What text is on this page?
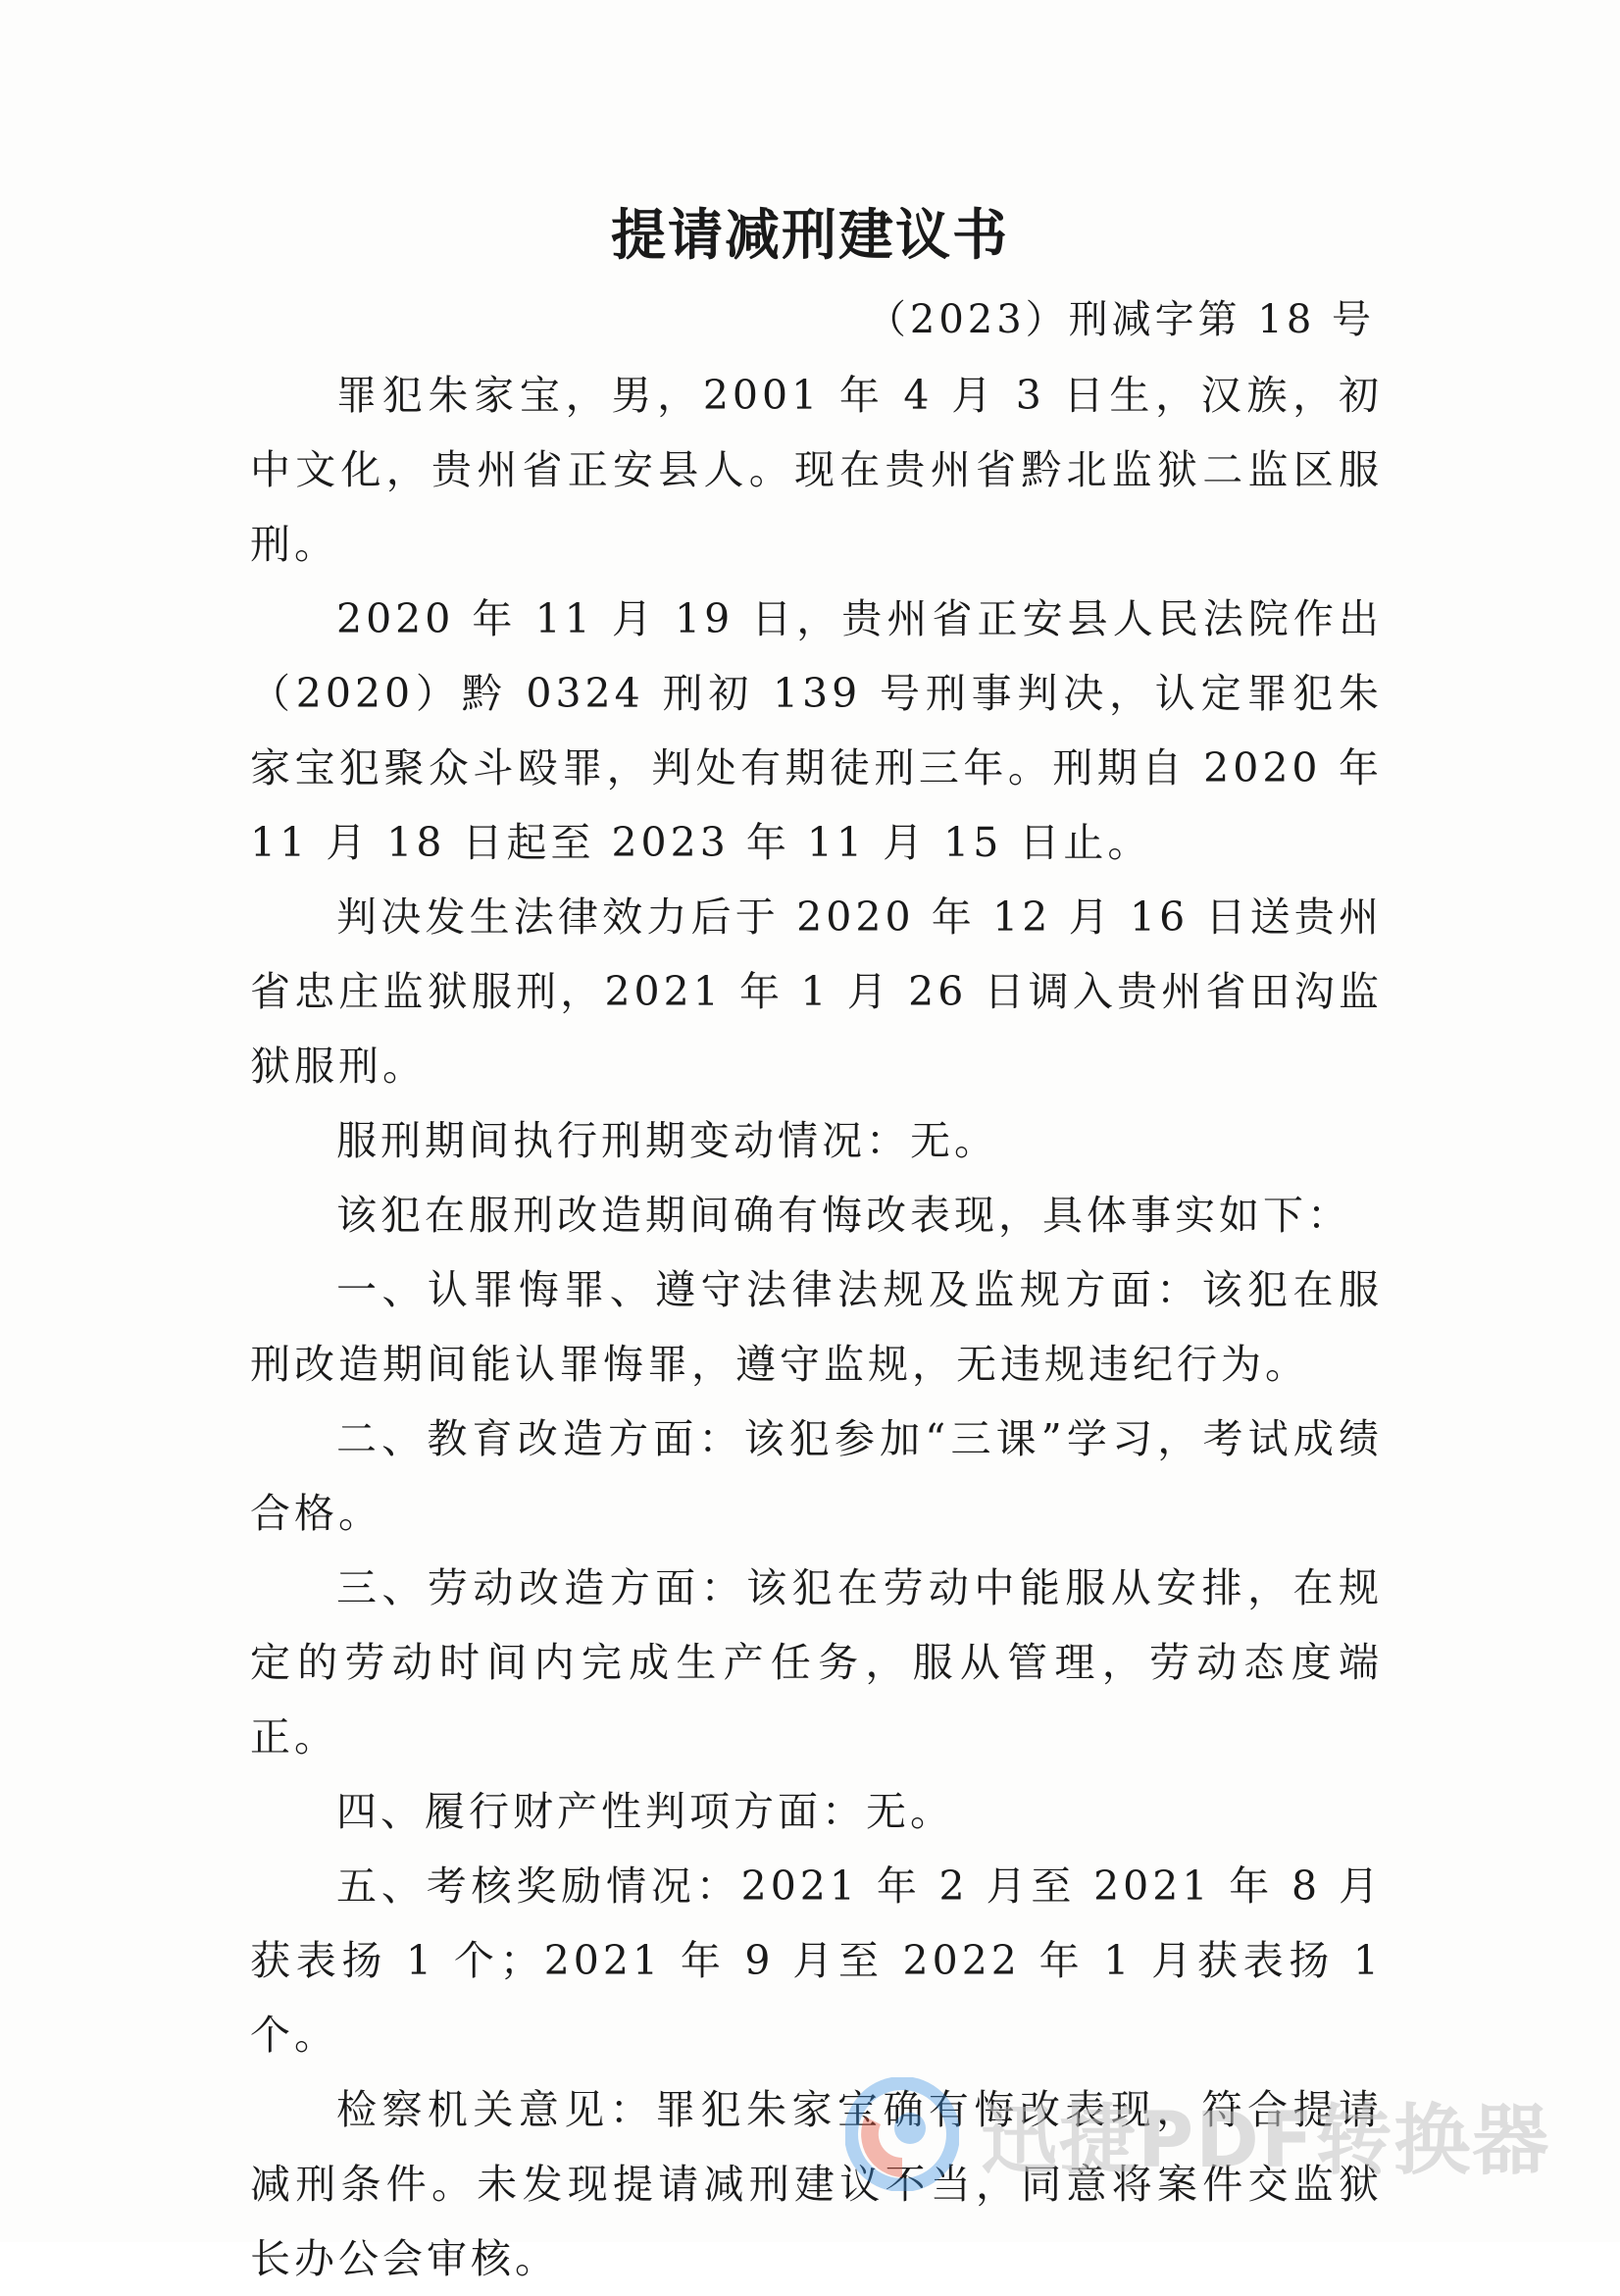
提请减刑建议书
（2023）刑减字第 18 号

罪犯朱家宝，男，2001 年 4 月 3 日生，汉族，初中文化，贵州省正安县人。现在贵州省黔北监狱二监区服刑。

2020 年 11 月 19 日，贵州省正安县人民法院作出（2020）黔 0324 刑初 139 号刑事判决，认定罪犯朱家宝犯聚众斗殴罪，判处有期徒刑三年。刑期自 2020 年 11 月 18 日起至 2023 年 11 月 15 日止。

判决发生法律效力后于 2020 年 12 月 16 日送贵州省忠庄监狱服刑，2021 年 1 月 26 日调入贵州省田沟监狱服刑。

服刑期间执行刑期变动情况：无。

该犯在服刑改造期间确有悔改表现，具体事实如下：

一、认罪悔罪、遵守法律法规及监规方面：该犯在服刑改造期间能认罪悔罪，遵守监规，无违规违纪行为。

二、教育改造方面：该犯参加“三课”学习，考试成绩合格。

三、劳动改造方面：该犯在劳动中能服从安排，在规定的劳动时间内完成生产任务，服从管理，劳动态度端正。

四、履行财产性判项方面：无。

五、考核奖励情况：2021 年 2 月至 2021 年 8 月获表扬 1 个；2021 年 9 月至 2022 年 1 月获表扬 1 个。

检察机关意见：罪犯朱家宝确有悔改表现，符合提请减刑条件。未发现提请减刑建议不当，同意将案件交监狱长办公会审核。

迅捷PDF转换器
